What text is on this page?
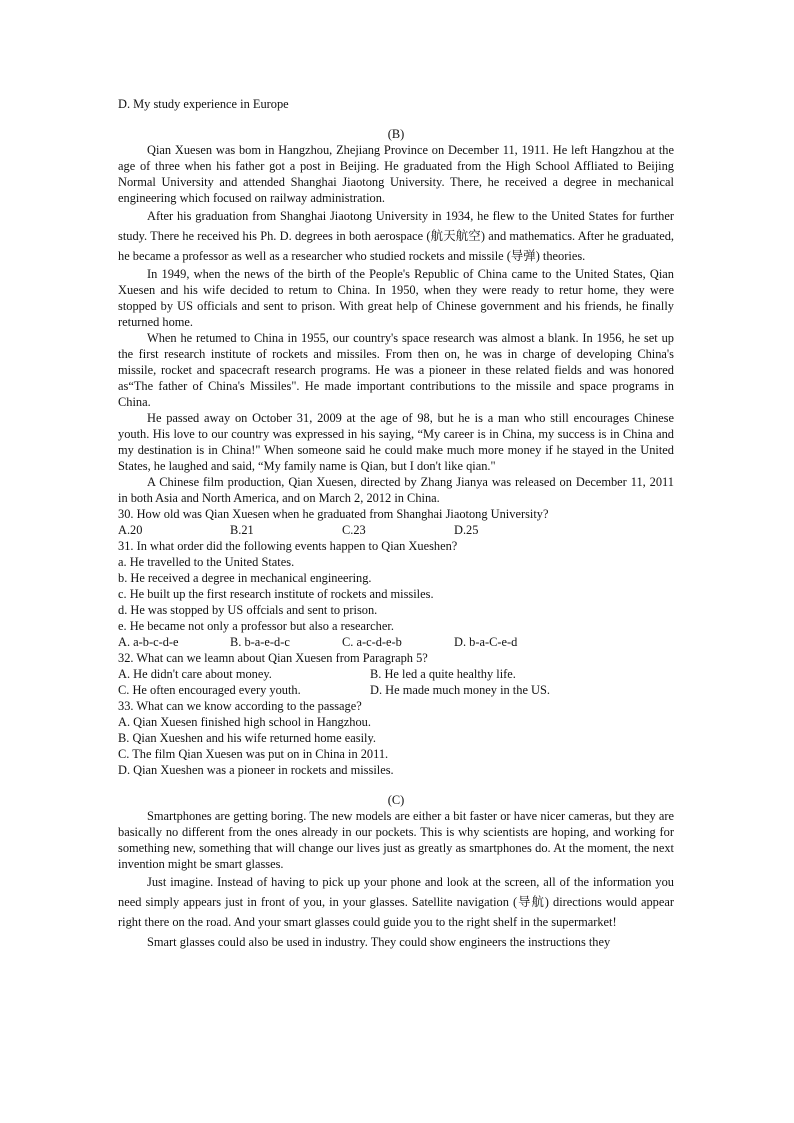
D. My study experience in Europe

(B)

Qian Xuesen was bom in Hangzhou, Zhejiang Province on December 11, 1911. He left Hangzhou at the age of three when his father got a post in Beijing. He graduated from the High School Affliated to Beijing Normal University and attended Shanghai Jiaotong University. There, he received a degree in mechanical engineering which focused on railway administration.

After his graduation from Shanghai Jiaotong University in 1934, he flew to the United States for further study. There he received his Ph. D. degrees in both aerospace (航天航空) and mathematics. After he graduated, he became a professor as well as a researcher who studied rockets and missile (导弹) theories.

In 1949, when the news of the birth of the People's Republic of China came to the United States, Qian Xuesen and his wife decided to retum to China. In 1950, when they were ready to retur home, they were stopped by US officials and sent to prison. With great help of Chinese government and his friends, he finally returned home.

When he retumed to China in 1955, our country's space research was almost a blank. In 1956, he set up the first research institute of rockets and missiles. From then on, he was in charge of developing China's missile, rocket and spacecraft research programs. He was a pioneer in these related fields and was honored as“The father of China's Missiles". He made important contributions to the missile and space programs in China.

He passed away on October 31, 2009 at the age of 98, but he is a man who still encourages Chinese youth. His love to our country was expressed in his saying, “My career is in China, my success is in China and my destination is in China!" When someone said he could make much more money if he stayed in the United States, he laughed and said, “My family name is Qian, but I don't like qian."

A Chinese film production, Qian Xuesen, directed by Zhang Jianya was released on December 11, 2011 in both Asia and North America, and on March 2, 2012 in China.

30. How old was Qian Xuesen when he graduated from Shanghai Jiaotong University?

A.20	B.21	C.23	D.25

31. In what order did the following events happen to Qian Xueshen?

a. He travelled to the United States.

b. He received a degree in mechanical engineering.

c. He built up the first research institute of rockets and missiles.

d. He was stopped by US offcials and sent to prison.

e. He became not only a professor but also a researcher.

A. a-b-c-d-e	B. b-a-e-d-c	C. a-c-d-e-b	D. b-a-C-e-d

32. What can we leamn about Qian Xuesen from Paragraph 5?

A. He didn't care about money.	B. He led a quite healthy life.
C. He often encouraged every youth.	D. He made much money in the US.

33. What can we know according to the passage?

A. Qian Xuesen finished high school in Hangzhou.

B. Qian Xueshen and his wife returned home easily.

C. The film Qian Xuesen was put on in China in 2011.

D. Qian Xueshen was a pioneer in rockets and missiles.

(C)

Smartphones are getting boring. The new models are either a bit faster or have nicer cameras, but they are basically no different from the ones already in our pockets. This is why scientists are hoping, and working for something new, something that will change our lives just as greatly as smartphones do. At the moment, the next invention might be smart glasses.

Just imagine. Instead of having to pick up your phone and look at the screen, all of the information you need simply appears just in front of you, in your glasses. Satellite navigation (导航) directions would appear right there on the road. And your smart glasses could guide you to the right shelf in the supermarket!

Smart glasses could also be used in industry. They could show engineers the instructions they
